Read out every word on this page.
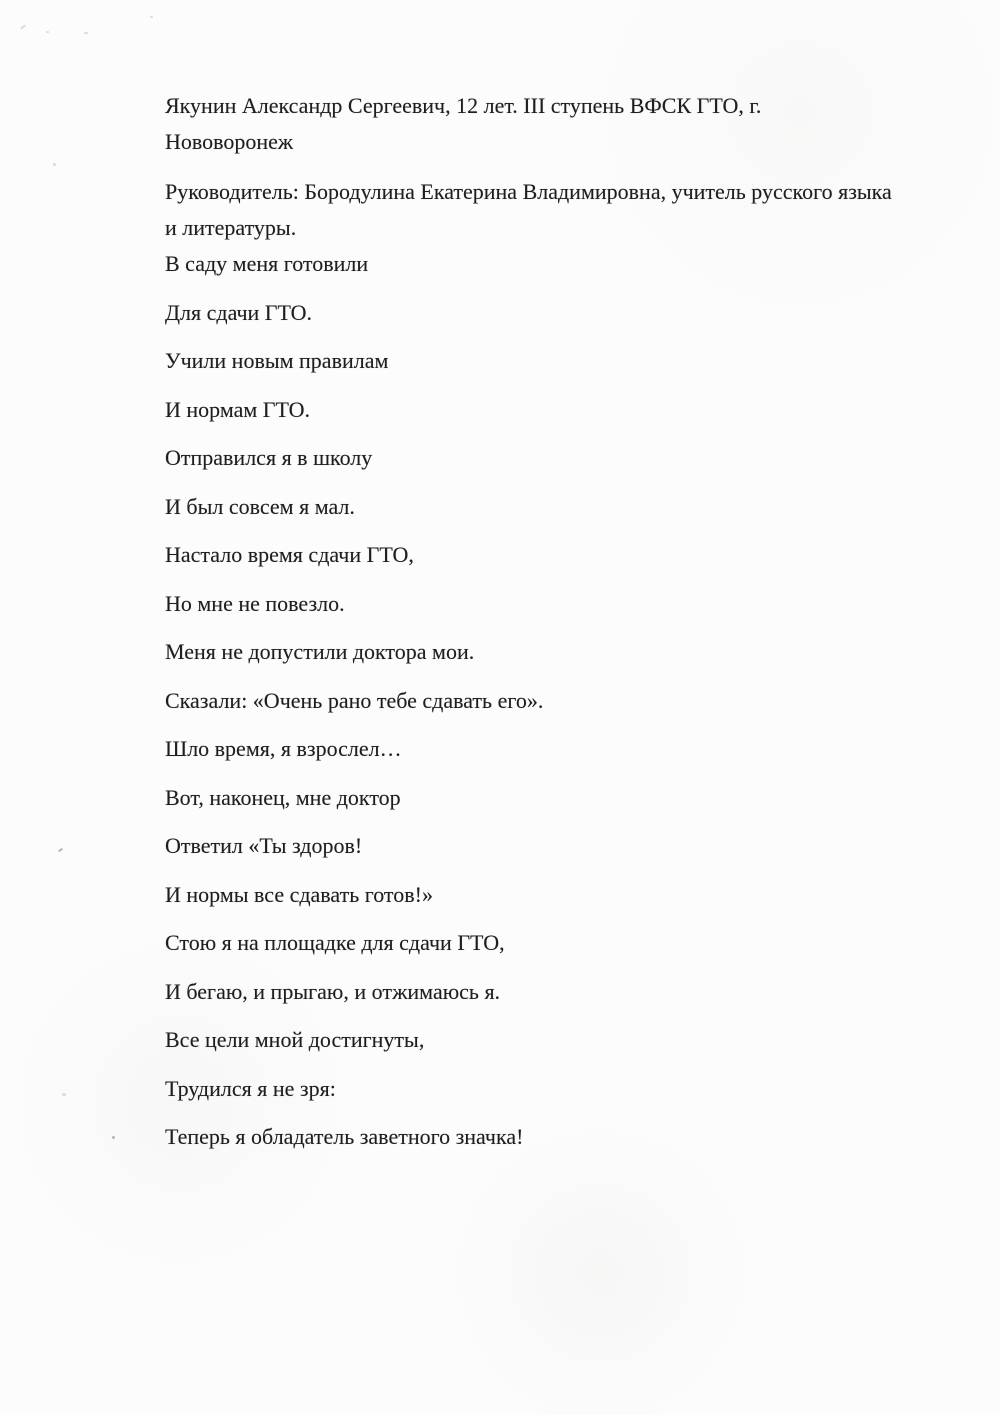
Якунин Александр Сергеевич, 12 лет. III ступень ВФСК ГТО, г.
Нововоронеж

Руководитель: Бородулина Екатерина Владимировна, учитель русского языка
и литературы.

В саду меня готовили

Для сдачи ГТО.

Учили новым правилам

И нормам ГТО.

Отправился я в школу

И был совсем я мал.

Настало время сдачи ГТО,

Но мне не повезло.

Меня не допустили доктора мои.

Сказали: «Очень рано тебе сдавать его».

Шло время, я взрослел…

Вот, наконец, мне доктор

Ответил «Ты здоров!

И нормы все сдавать готов!»

Стою я на площадке для сдачи ГТО,

И бегаю, и прыгаю, и отжимаюсь я.

Все цели мной достигнуты,

Трудился я не зря:

Теперь я обладатель заветного значка!
